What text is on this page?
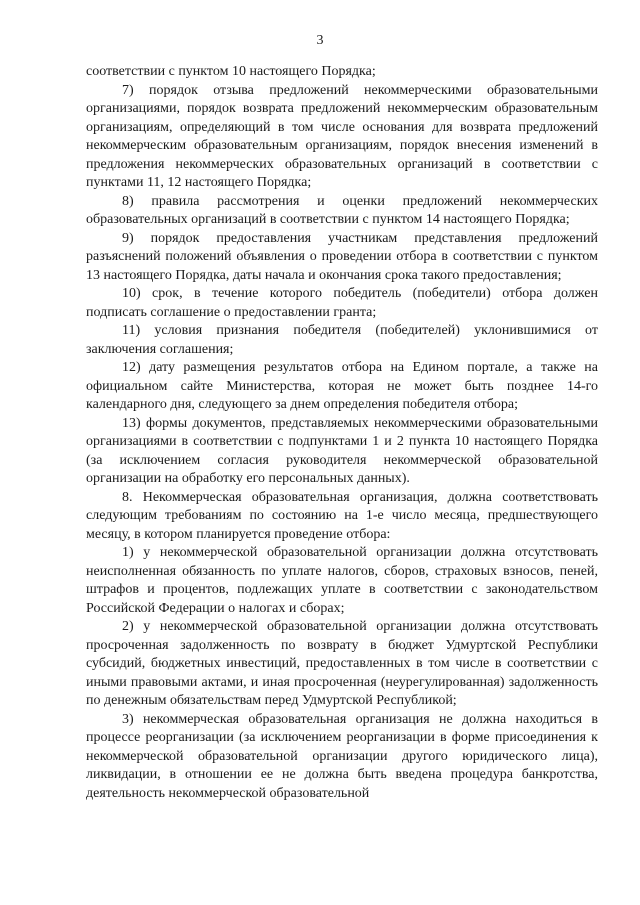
3

соответствии с пунктом 10 настоящего Порядка;

7) порядок отзыва предложений некоммерческими образовательными организациями, порядок возврата предложений некоммерческим образовательным организациям, определяющий в том числе основания для возврата предложений некоммерческим образовательным организациям, порядок внесения изменений в предложения некоммерческих образовательных организаций в соответствии с пунктами 11, 12 настоящего Порядка;

8) правила рассмотрения и оценки предложений некоммерческих образовательных организаций в соответствии с пунктом 14 настоящего Порядка;

9) порядок предоставления участникам представления предложений разъяснений положений объявления о проведении отбора в соответствии с пунктом 13 настоящего Порядка, даты начала и окончания срока такого предоставления;

10) срок, в течение которого победитель (победители) отбора должен подписать соглашение о предоставлении гранта;

11) условия признания победителя (победителей) уклонившимися от заключения соглашения;

12) дату размещения результатов отбора на Едином портале, а также на официальном сайте Министерства, которая не может быть позднее 14-го календарного дня, следующего за днем определения победителя отбора;

13) формы документов, представляемых некоммерческими образовательными организациями в соответствии с подпунктами 1 и 2 пункта 10 настоящего Порядка (за исключением согласия руководителя некоммерческой образовательной организации на обработку его персональных данных).

8. Некоммерческая образовательная организация, должна соответствовать следующим требованиям по состоянию на 1-е число месяца, предшествующего месяцу, в котором планируется проведение отбора:

1) у некоммерческой образовательной организации должна отсутствовать неисполненная обязанность по уплате налогов, сборов, страховых взносов, пеней, штрафов и процентов, подлежащих уплате в соответствии с законодательством Российской Федерации о налогах и сборах;

2) у некоммерческой образовательной организации должна отсутствовать просроченная задолженность по возврату в бюджет Удмуртской Республики субсидий, бюджетных инвестиций, предоставленных в том числе в соответствии с иными правовыми актами, и иная просроченная (неурегулированная) задолженность по денежным обязательствам перед Удмуртской Республикой;

3) некоммерческая образовательная организация не должна находиться в процессе реорганизации (за исключением реорганизации в форме присоединения к некоммерческой образовательной организации другого юридического лица), ликвидации, в отношении ее не должна быть введена процедура банкротства, деятельность некоммерческой образовательной
